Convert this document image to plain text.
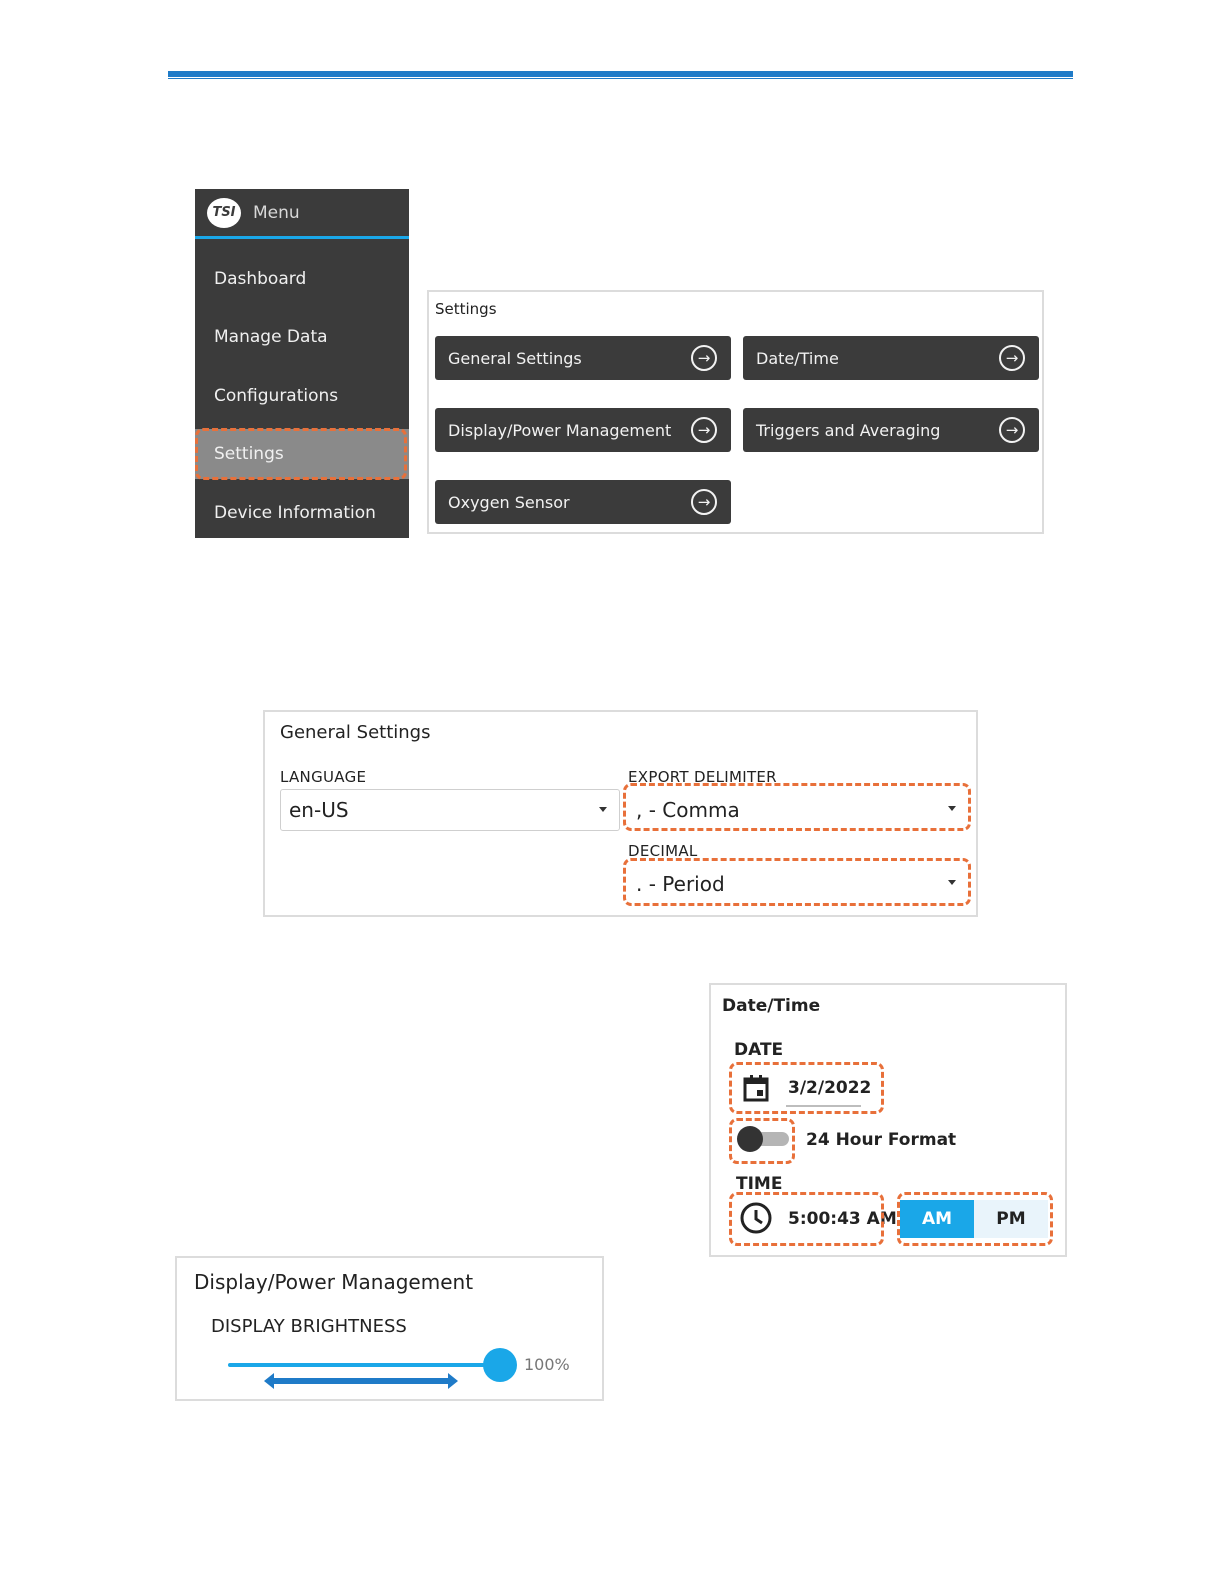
TSI	Menu
Dashboard
Manage Data
Configurations
Settings
Device Information
Settings
General Settings	→	Date/Time	→
Display/Power Management	→	Triggers and Averaging	→
Oxygen Sensor	→
General Settings
LANGUAGE
en-US
EXPORT DELIMITER
, - Comma
DECIMAL
. - Period
Date/Time
DATE
3/2/2022
24 Hour Format
TIME
5:00:43 AM	AM	PM
Display/Power Management
DISPLAY BRIGHTNESS
100%
